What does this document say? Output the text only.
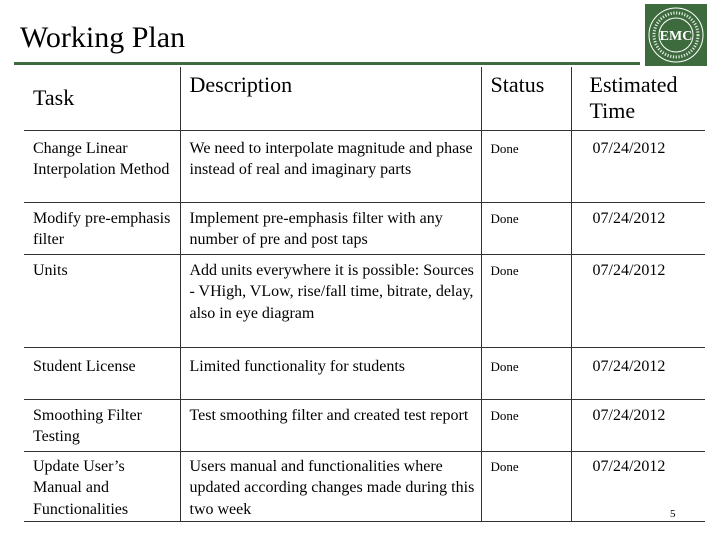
Working Plan	EMC
Task	Description	Status	Estimated Time
Change Linear Interpolation Method	We need to interpolate magnitude and phase instead of real and imaginary parts	Done	07/24/2012
Modify pre-emphasis filter	Implement pre-emphasis filter with any number of pre and post taps	Done	07/24/2012
Units	Add units everywhere it is possible: Sources - VHigh, VLow, rise/fall time, bitrate, delay, also in eye diagram	Done	07/24/2012
Student License	Limited functionality for students	Done	07/24/2012
Smoothing Filter Testing	Test smoothing filter and created test report	Done	07/24/2012
Update User’s Manual and Functionalities	Users manual and functionalities where updated according changes made during this two week	Done	07/24/2012
5
